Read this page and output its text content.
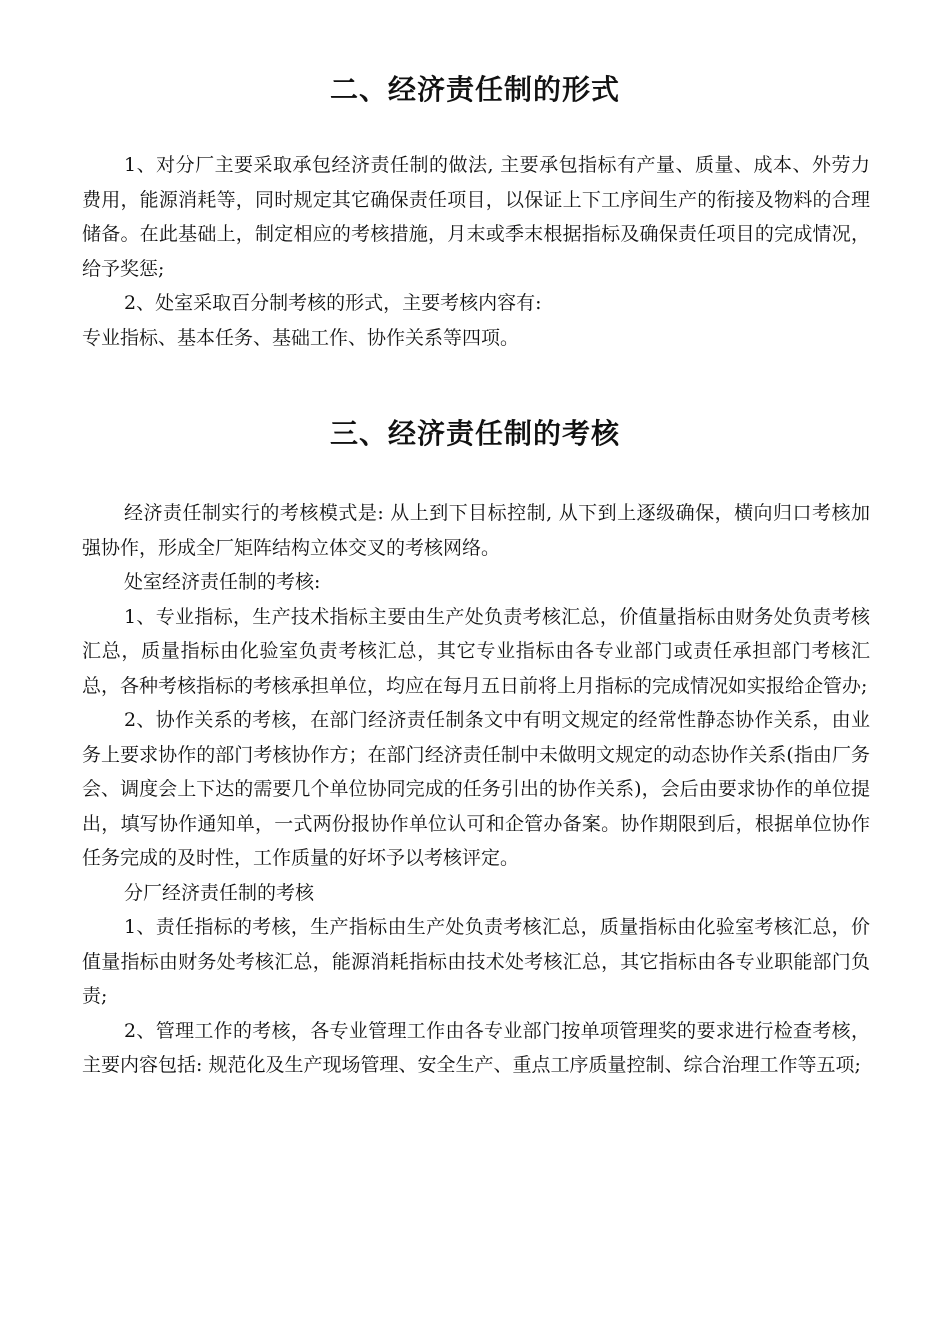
二、经济责任制的形式

1、对分厂主要采取承包经济责任制的做法, 主要承包指标有产量、质量、成本、外劳力费用，能源消耗等，同时规定其它确保责任项目，以保证上下工序间生产的衔接及物料的合理储备。在此基础上，制定相应的考核措施，月末或季末根据指标及确保责任项目的完成情况，给予奖惩;

2、处室采取百分制考核的形式，主要考核内容有:

专业指标、基本任务、基础工作、协作关系等四项。

三、经济责任制的考核

经济责任制实行的考核模式是: 从上到下目标控制, 从下到上逐级确保，横向归口考核加强协作，形成全厂矩阵结构立体交叉的考核网络。

处室经济责任制的考核:

1、专业指标，生产技术指标主要由生产处负责考核汇总，价值量指标由财务处负责考核汇总，质量指标由化验室负责考核汇总，其它专业指标由各专业部门或责任承担部门考核汇总，各种考核指标的考核承担单位，均应在每月五日前将上月指标的完成情况如实报给企管办;

2、协作关系的考核，在部门经济责任制条文中有明文规定的经常性静态协作关系，由业务上要求协作的部门考核协作方；在部门经济责任制中未做明文规定的动态协作关系(指由厂务会、调度会上下达的需要几个单位协同完成的任务引出的协作关系)，会后由要求协作的单位提出，填写协作通知单，一式两份报协作单位认可和企管办备案。协作期限到后，根据单位协作任务完成的及时性，工作质量的好坏予以考核评定。

分厂经济责任制的考核

1、责任指标的考核，生产指标由生产处负责考核汇总，质量指标由化验室考核汇总，价值量指标由财务处考核汇总，能源消耗指标由技术处考核汇总，其它指标由各专业职能部门负责;

2、管理工作的考核，各专业管理工作由各专业部门按单项管理奖的要求进行检查考核，主要内容包括: 规范化及生产现场管理、安全生产、重点工序质量控制、综合治理工作等五项;
